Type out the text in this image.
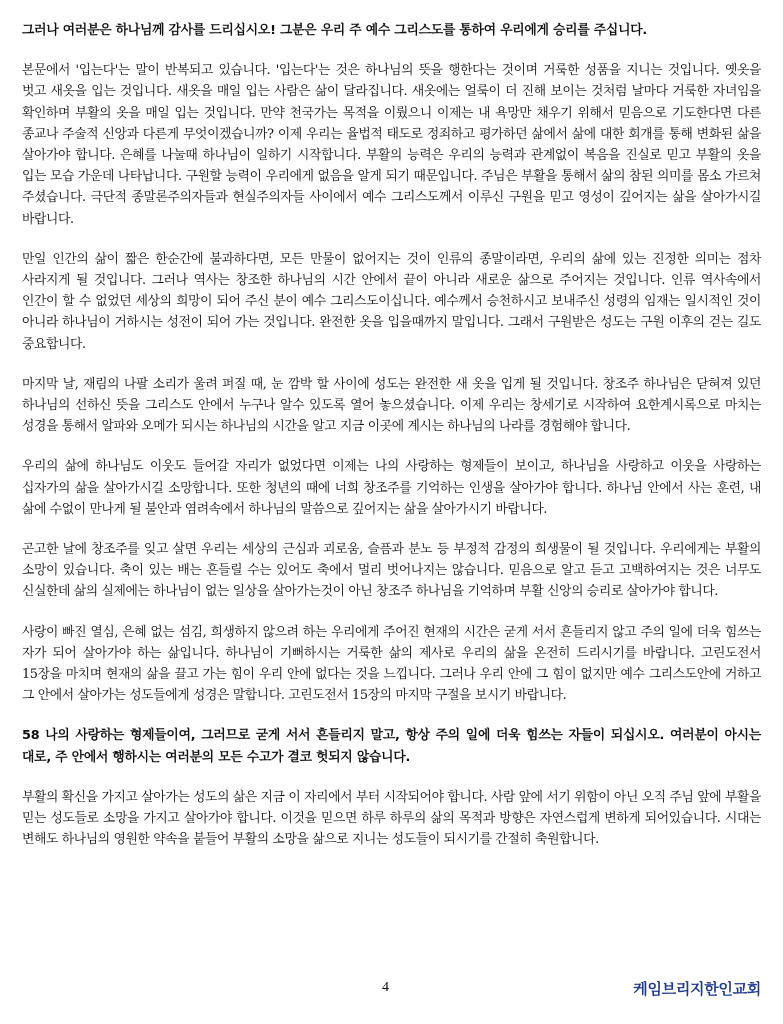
그러나 여러분은 하나님께 감사를 드리십시오! 그분은 우리 주 예수 그리스도를 통하여 우리에게 승리를 주십니다.

본문에서 '입는다'는 말이 반복되고 있습니다. '입는다'는 것은 하나님의 뜻을 행한다는 것이며 거룩한 성품을 지니는 것입니다. 옛옷을 벗고 새옷을 입는 것입니다. 새옷을 매일 입는 사람은 삶이 달라집니다. 새옷에는 얼룩이 더 진해 보이는 것처럼 날마다 거룩한 자녀임을 확인하며 부활의 옷을 매일 입는 것입니다. 만약 천국가는 목적을 이뤘으니 이제는 내 욕망만 채우기 위해서 믿음으로 기도한다면 다른 종교나 주술적 신앙과 다른게 무엇이겠습니까? 이제 우리는 율법적 태도로 정죄하고 평가하던 삶에서 삶에 대한 회개를 통해 변화된 삶을 살아가야 합니다. 은혜를 나눌때 하나님이 일하기 시작합니다. 부활의 능력은 우리의 능력과 관계없이 복음을 진실로 믿고 부활의 옷을 입는 모습 가운데 나타납니다. 구원할 능력이 우리에게 없음을 알게 되기 때문입니다. 주님은 부활을 통해서 삶의 참된 의미를 몸소 가르쳐 주셨습니다. 극단적 종말론주의자들과 현실주의자들 사이에서 예수 그리스도께서 이루신 구원을 믿고 영성이 깊어지는 삶을 살아가시길 바랍니다.

만일 인간의 삶이 짧은 한순간에 불과하다면, 모든 만물이 없어지는 것이 인류의 종말이라면, 우리의 삶에 있는 진정한 의미는 점차 사라지게 될 것입니다. 그러나 역사는 창조한 하나님의 시간 안에서 끝이 아니라 새로운 삶으로 주어지는 것입니다. 인류 역사속에서 인간이 할 수 없었던 세상의 희망이 되어 주신 분이 예수 그리스도이십니다. 예수께서 승천하시고 보내주신 성령의 임재는 일시적인 것이 아니라 하나님이 거하시는 성전이 되어 가는 것입니다. 완전한 옷을 입을때까지 말입니다. 그래서 구원받은 성도는 구원 이후의 걷는 길도 중요합니다.

마지막 날, 재림의 나팔 소리가 울려 퍼질 때, 눈 깜박 할 사이에 성도는 완전한 새 옷을 입게 될 것입니다. 창조주 하나님은 닫혀져 있던 하나님의 선하신 뜻을 그리스도 안에서 누구나 알수 있도록 열어 놓으셨습니다. 이제 우리는 창세기로 시작하여 요한계시록으로 마치는 성경을 통해서 알파와 오메가 되시는 하나님의 시간을 알고 지금 이곳에 계시는 하나님의 나라를 경험해야 합니다.

우리의 삶에 하나님도 이웃도 들어갈 자리가 없었다면 이제는 나의 사랑하는 형제들이 보이고, 하나님을 사랑하고 이웃을 사랑하는 십자가의 삶을 살아가시길 소망합니다. 또한 청년의 때에 너희 창조주를 기억하는 인생을 살아가야 합니다. 하나님 안에서 사는 훈련, 내 삶에 수없이 만나게 될 불안과 염려속에서 하나님의 말씀으로 깊어지는 삶을 살아가시기 바랍니다.

곤고한 날에 창조주를 잊고 살면 우리는 세상의 근심과 괴로움, 슬픔과 분노 등 부정적 감정의 희생물이 될 것입니다. 우리에게는 부활의 소망이 있습니다. 축이 있는 배는 흔들릴 수는 있어도 축에서 멀리 벗어나지는 않습니다. 믿음으로 알고 듣고 고백하여지는 것은 너무도 신실한데 삶의 실제에는 하나님이 없는 일상을 살아가는것이 아닌 창조주 하나님을 기억하며 부활 신앙의 승리로 살아가야 합니다.

사랑이 빠진 열심, 은혜 없는 섬김, 희생하지 않으려 하는 우리에게 주어진 현재의 시간은 굳게 서서 흔들리지 않고 주의 일에 더욱 힘쓰는 자가 되어 살아가야 하는 삶입니다. 하나님이 기뻐하시는 거룩한 삶의 제사로 우리의 삶을 온전히 드리시기를 바랍니다. 고린도전서 15장을 마치며 현재의 삶을 끌고 가는 힘이 우리 안에 없다는 것을 느낍니다. 그러나 우리 안에 그 힘이 없지만 예수 그리스도안에 거하고 그 안에서 살아가는 성도들에게 성경은 말합니다. 고린도전서 15장의 마지막 구절을 보시기 바랍니다.

58 나의 사랑하는 형제들이여, 그러므로 굳게 서서 흔들리지 말고, 항상 주의 일에 더욱 힘쓰는 자들이 되십시오. 여러분이 아시는 대로, 주 안에서 행하시는 여러분의 모든 수고가 결코 헛되지 않습니다.

부활의 확신을 가지고 살아가는 성도의 삶은 지금 이 자리에서 부터 시작되어야 합니다. 사람 앞에 서기 위함이 아닌 오직 주님 앞에 부활을 믿는 성도들로 소망을 가지고 살아가야 합니다. 이것을 믿으면 하루 하루의 삶의 목적과 방향은 자연스럽게 변하게 되어있습니다. 시대는 변해도 하나님의 영원한 약속을 붙들어 부활의 소망을 삶으로 지니는 성도들이 되시기를 간절히 축원합니다.

4	케임브리지한인교회
